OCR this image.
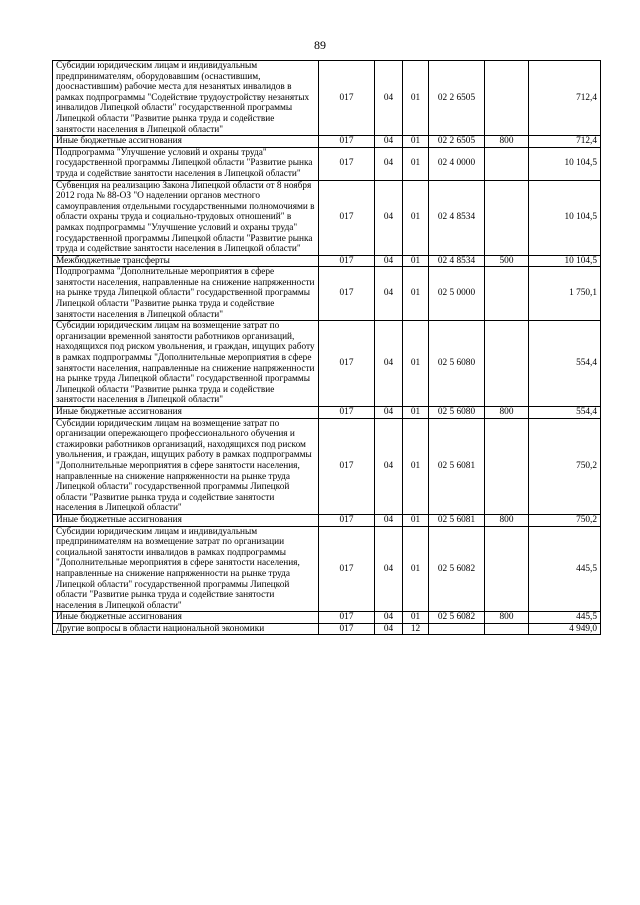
89
Субсидии юридическим лицам и индивидуальным предпринимателям, оборудовавшим (оснастившим, дооснастившим) рабочие места для незанятых инвалидов в рамках подпрограммы "Содействие трудоустройству незанятых инвалидов Липецкой области" государственной программы Липецкой области "Развитие рынка труда и содействие занятости населения в Липецкой области"	017	04	01	02 2 6505		712,4
Иные бюджетные ассигнования	017	04	01	02 2 6505	800	712,4
Подпрограмма "Улучшение условий и охраны труда" государственной программы Липецкой области "Развитие рынка труда и содействие занятости населения в Липецкой области"	017	04	01	02 4 0000		10 104,5
Субвенция на реализацию Закона Липецкой области от 8 ноября 2012 года № 88-ОЗ "О наделении органов местного самоуправления отдельными государственными полномочиями в области охраны труда и социально-трудовых отношений" в рамках подпрограммы "Улучшение условий и охраны труда" государственной программы Липецкой области "Развитие рынка труда и содействие занятости населения в Липецкой области"	017	04	01	02 4 8534		10 104,5
Межбюджетные трансферты	017	04	01	02 4 8534	500	10 104,5
Подпрограмма "Дополнительные мероприятия в сфере занятости населения, направленные на снижение напряженности на рынке труда Липецкой области" государственной программы Липецкой области "Развитие рынка труда и содействие занятости населения в Липецкой области"	017	04	01	02 5 0000		1 750,1
Субсидии юридическим лицам на возмещение затрат по организации временной занятости работников организаций, находящихся под риском увольнения, и граждан, ищущих работу в рамках подпрограммы "Дополнительные мероприятия в сфере занятости населения, направленные на снижение напряженности на рынке труда Липецкой области" государственной программы Липецкой области "Развитие рынка труда и содействие занятости населения в Липецкой области"	017	04	01	02 5 6080		554,4
Иные бюджетные ассигнования	017	04	01	02 5 6080	800	554,4
Субсидии юридическим лицам на возмещение затрат по организации опережающего профессионального обучения и стажировки работников организаций, находящихся под риском увольнения, и граждан, ищущих работу в рамках подпрограммы "Дополнительные мероприятия в сфере занятости населения, направленные на снижение напряженности на рынке труда Липецкой области" государственной программы Липецкой области "Развитие рынка труда и содействие занятости населения в Липецкой области"	017	04	01	02 5 6081		750,2
Иные бюджетные ассигнования	017	04	01	02 5 6081	800	750,2
Субсидии юридическим лицам и индивидуальным предпринимателям на возмещение затрат по организации социальной занятости инвалидов в рамках подпрограммы "Дополнительные мероприятия в сфере занятости населения, направленные на снижение напряженности на рынке труда Липецкой области" государственной программы Липецкой области "Развитие рынка труда и содействие занятости населения в Липецкой области"	017	04	01	02 5 6082		445,5
Иные бюджетные ассигнования	017	04	01	02 5 6082	800	445,5
Другие вопросы в области национальной экономики	017	04	12			4 949,0
